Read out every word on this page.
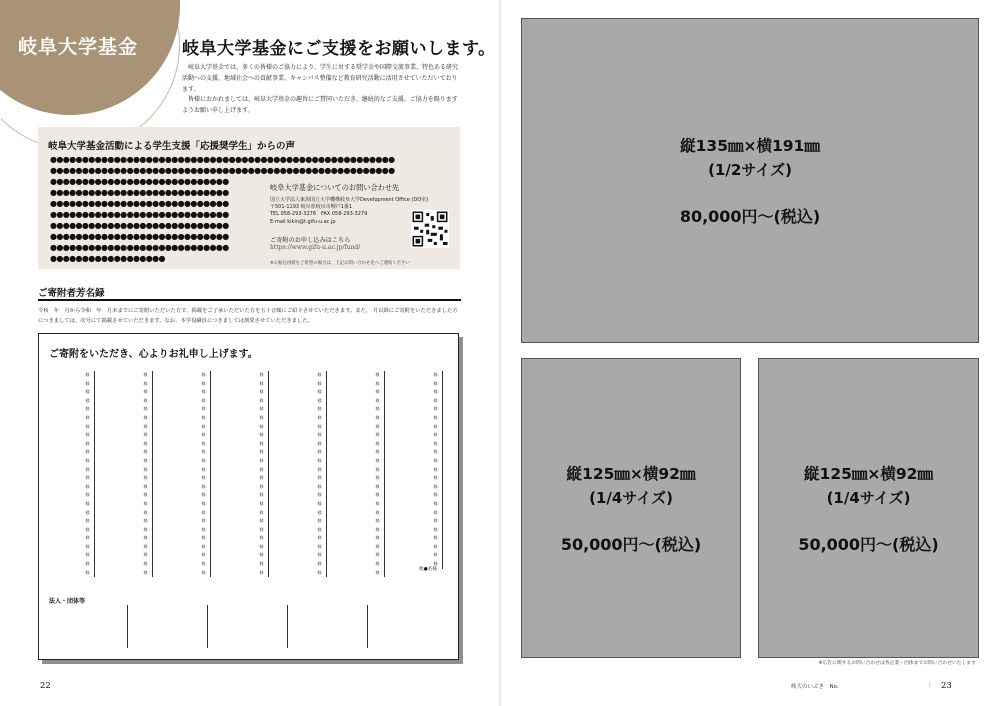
岐阜大学基金	岐阜大学基金にご支援をお願いします。

岐阜大学基金では、多くの皆様のご協力により、学生に対する奨学金や国際交流事業、特色ある研究活動への支援、地域社会への貢献事業、キャンパス整備など教育研究活動に活用させていただいております。

皆様におかれましては、岐阜大学基金の趣旨にご賛同いただき、継続的なご支援、ご協力を賜りますようお願い申し上げます。

岐阜大学基金活動による学生支援「応援奨学生」からの声
●●●●●●●●●●●●●●●●●●●●●●●●●●●●●●●●●●●●●●●●●●●●●●●●●●●●●●
●●●●●●●●●●●●●●●●●●●●●●●●●●●●●●●●●●●●●●●●●●●●●●●●●●●●●●
●●●●●●●●●●●●●●●●●●●●●●●●●●●●
●●●●●●●●●●●●●●●●●●●●●●●●●●●●
●●●●●●●●●●●●●●●●●●●●●●●●●●●●
●●●●●●●●●●●●●●●●●●●●●●●●●●●●
●●●●●●●●●●●●●●●●●●●●●●●●●●●●
●●●●●●●●●●●●●●●●●●●●●●●●●●●●
●●●●●●●●●●●●●●●●●●●●●●●●●●●●
●●●●●●●●●●●●●●●●●●
岐阜大学基金についてのお問い合わせ先
国立大学法人東海国立大学機構岐阜大学Development Office (DO室)
〒501-1193 岐阜県岐阜市柳戸1番1
TEL 058-293-3276　FAX 058-293-3279
E-mail kikin@t.gifu-u.ac.jp
ご寄附のお申し込みはこちら
https://www.gifu-u.ac.jp/fund/
※お振込用紙をご希望の場合は、上記お問い合わせ先へご連絡ください
ご寄附者芳名録
令和　年　月から令和　年　月末までにご寄附いただいた方で、掲載をご了承いただいた方を五十音順にご紹介させていただきます。また、 月以降にご寄附をいただきました方につきましては、次号にて掲載させていただきます。なお、本学役職員につきましては割愛させていただきました。
ご寄附をいただき、心よりお礼申し上げます。
様
様
様
様
様
様
様
様
様
様
様
様
様
様
様
様
様
様
様
様
様
様
様
様
様
様
様
様
様
様
様
様
様
様
様
様
様
様
様
様
様
様
様
様
様
様
様
様
様
様
様
様
様
様
様
様
様
様
様
様
様
様
様
様
様
様
様
様
様
様
様
様
様
様
様
様
様
様
様
様
様
様
様
様
様
様
様
様
様
様
様
様
様
様
様
様
様
様
様
様
様
様
様
様
様
様
様
様
様
様
様
様
様
様
様
様
様
様
様
様
様
様
様
様
様
様
様
様
様
様
様
様
様
様
様
様
様
様
様
様
様
様
様
様
様
様
様
様
様
様
様
様
様
様
様
様
様
様
様
様
様
様
様
様
様
様
様
他●名様
法人・団体等
22
縦135㎜×横191㎜
(1/2サイズ)
80,000円～(税込)
縦125㎜×横92㎜
(1/4サイズ)
50,000円～(税込)
縦125㎜×横92㎜
(1/4サイズ)
50,000円～(税込)
※広告に関するお問い合わせは各企業・団体までお問い合わせいたします
岐大のいぶき　No.	| 23
